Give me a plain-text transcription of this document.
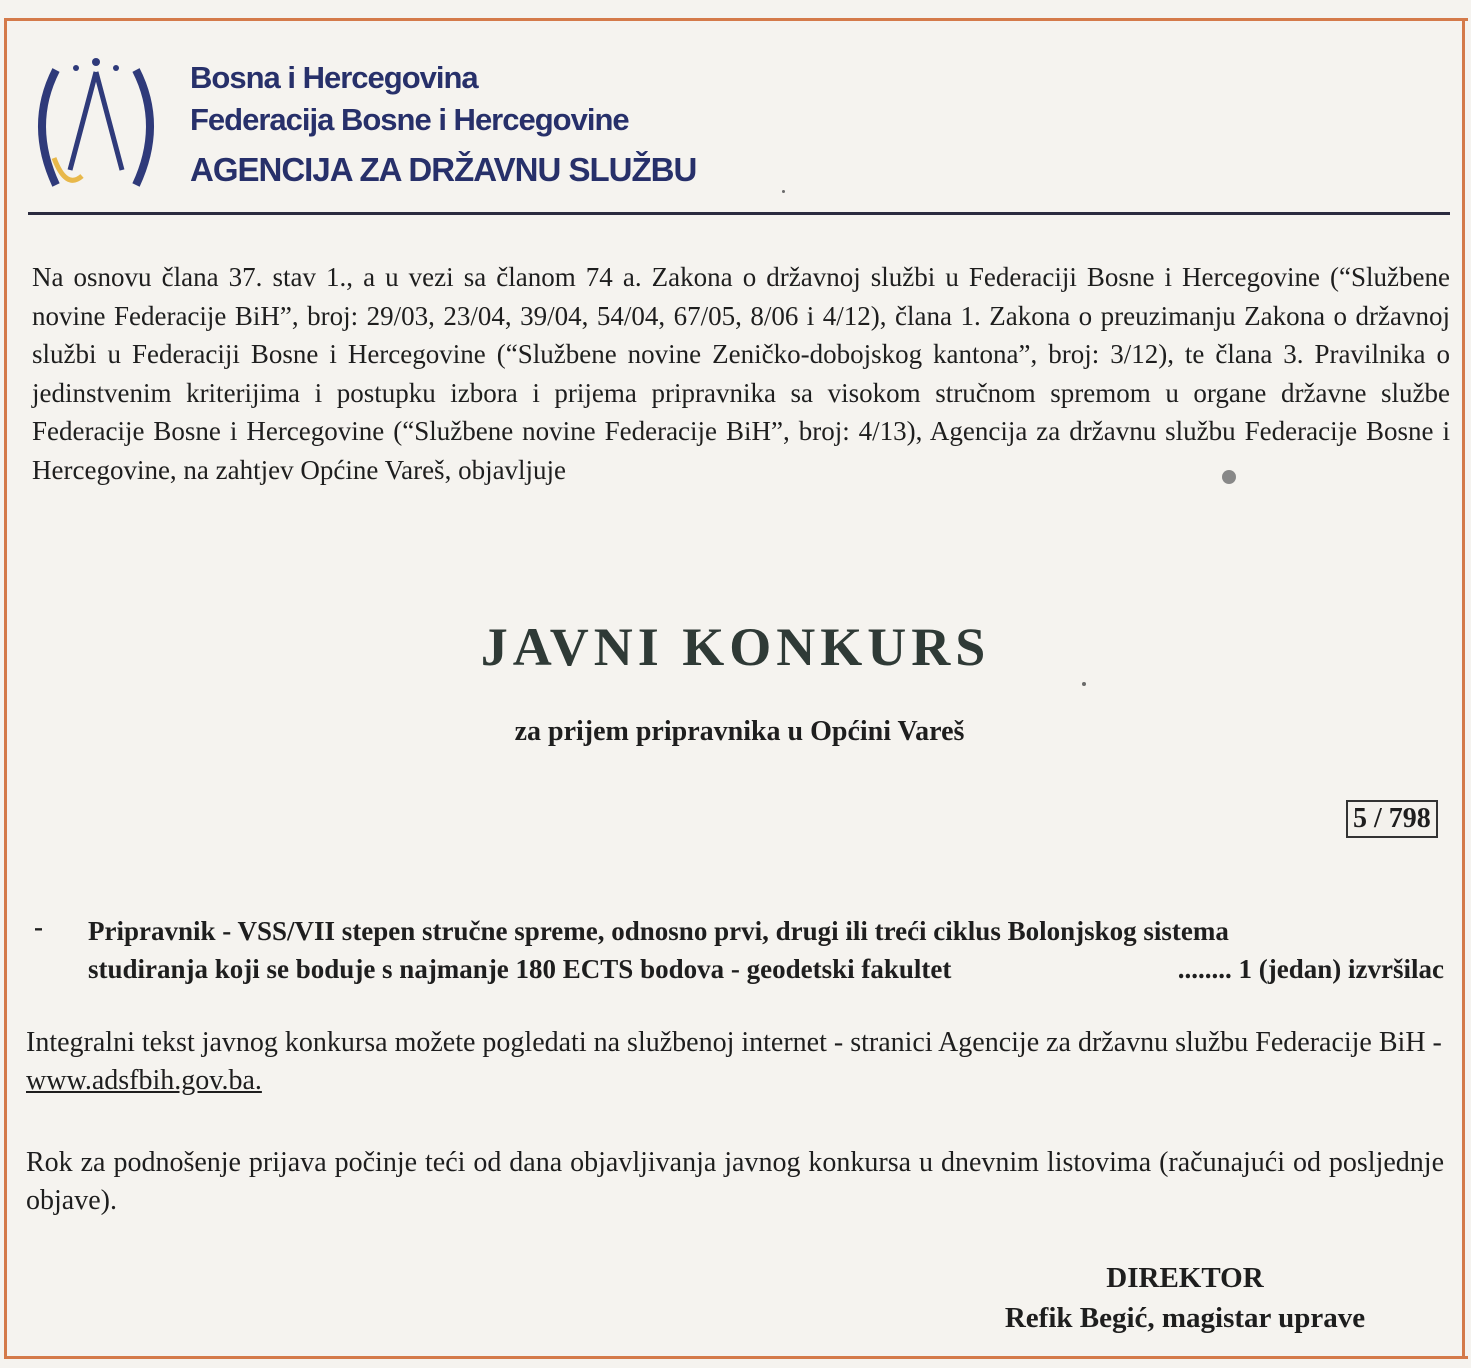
Bosna i Hercegovina
Federacija Bosne i Hercegovine
AGENCIJA ZA DRŽAVNU SLUŽBU
Na osnovu člana 37. stav 1., a u vezi sa članom 74 a. Zakona o državnoj službi u Federaciji Bosne i Hercegovine (“Službene novine Federacije BiH”, broj: 29/03, 23/04, 39/04, 54/04, 67/05, 8/06 i 4/12), člana 1. Zakona o preuzimanju Zakona o državnoj službi u Federaciji Bosne i Hercegovine (“Službene novine Zeničko-dobojskog kantona”, broj: 3/12), te člana 3. Pravilnika o jedinstvenim kriterijima i postupku izbora i prijema pripravnika sa visokom stručnom spremom u organe državne službe Federacije Bosne i Hercegovine (“Službene novine Federacije BiH”, broj: 4/13), Agencija za državnu službu Federacije Bosne i Hercegovine, na zahtjev Općine Vareš, objavljuje
JAVNI KONKURS
za prijem pripravnika u Općini Vareš
5 / 798
- Pripravnik - VSS/VII stepen stručne spreme, odnosno prvi, drugi ili treći ciklus Bolonjskog sistema
studiranja koji se boduje s najmanje 180 ECTS bodova - geodetski fakultet	........ 1 (jedan) izvršilac
Integralni tekst javnog konkursa možete pogledati na službenoj internet - stranici Agencije za državnu službu Federacije BiH - www.adsfbih.gov.ba.
Rok za podnošenje prijava počinje teći od dana objavljivanja javnog konkursa u dnevnim listovima (računajući od posljednje objave).
DIREKTOR
Refik Begić, magistar uprave
